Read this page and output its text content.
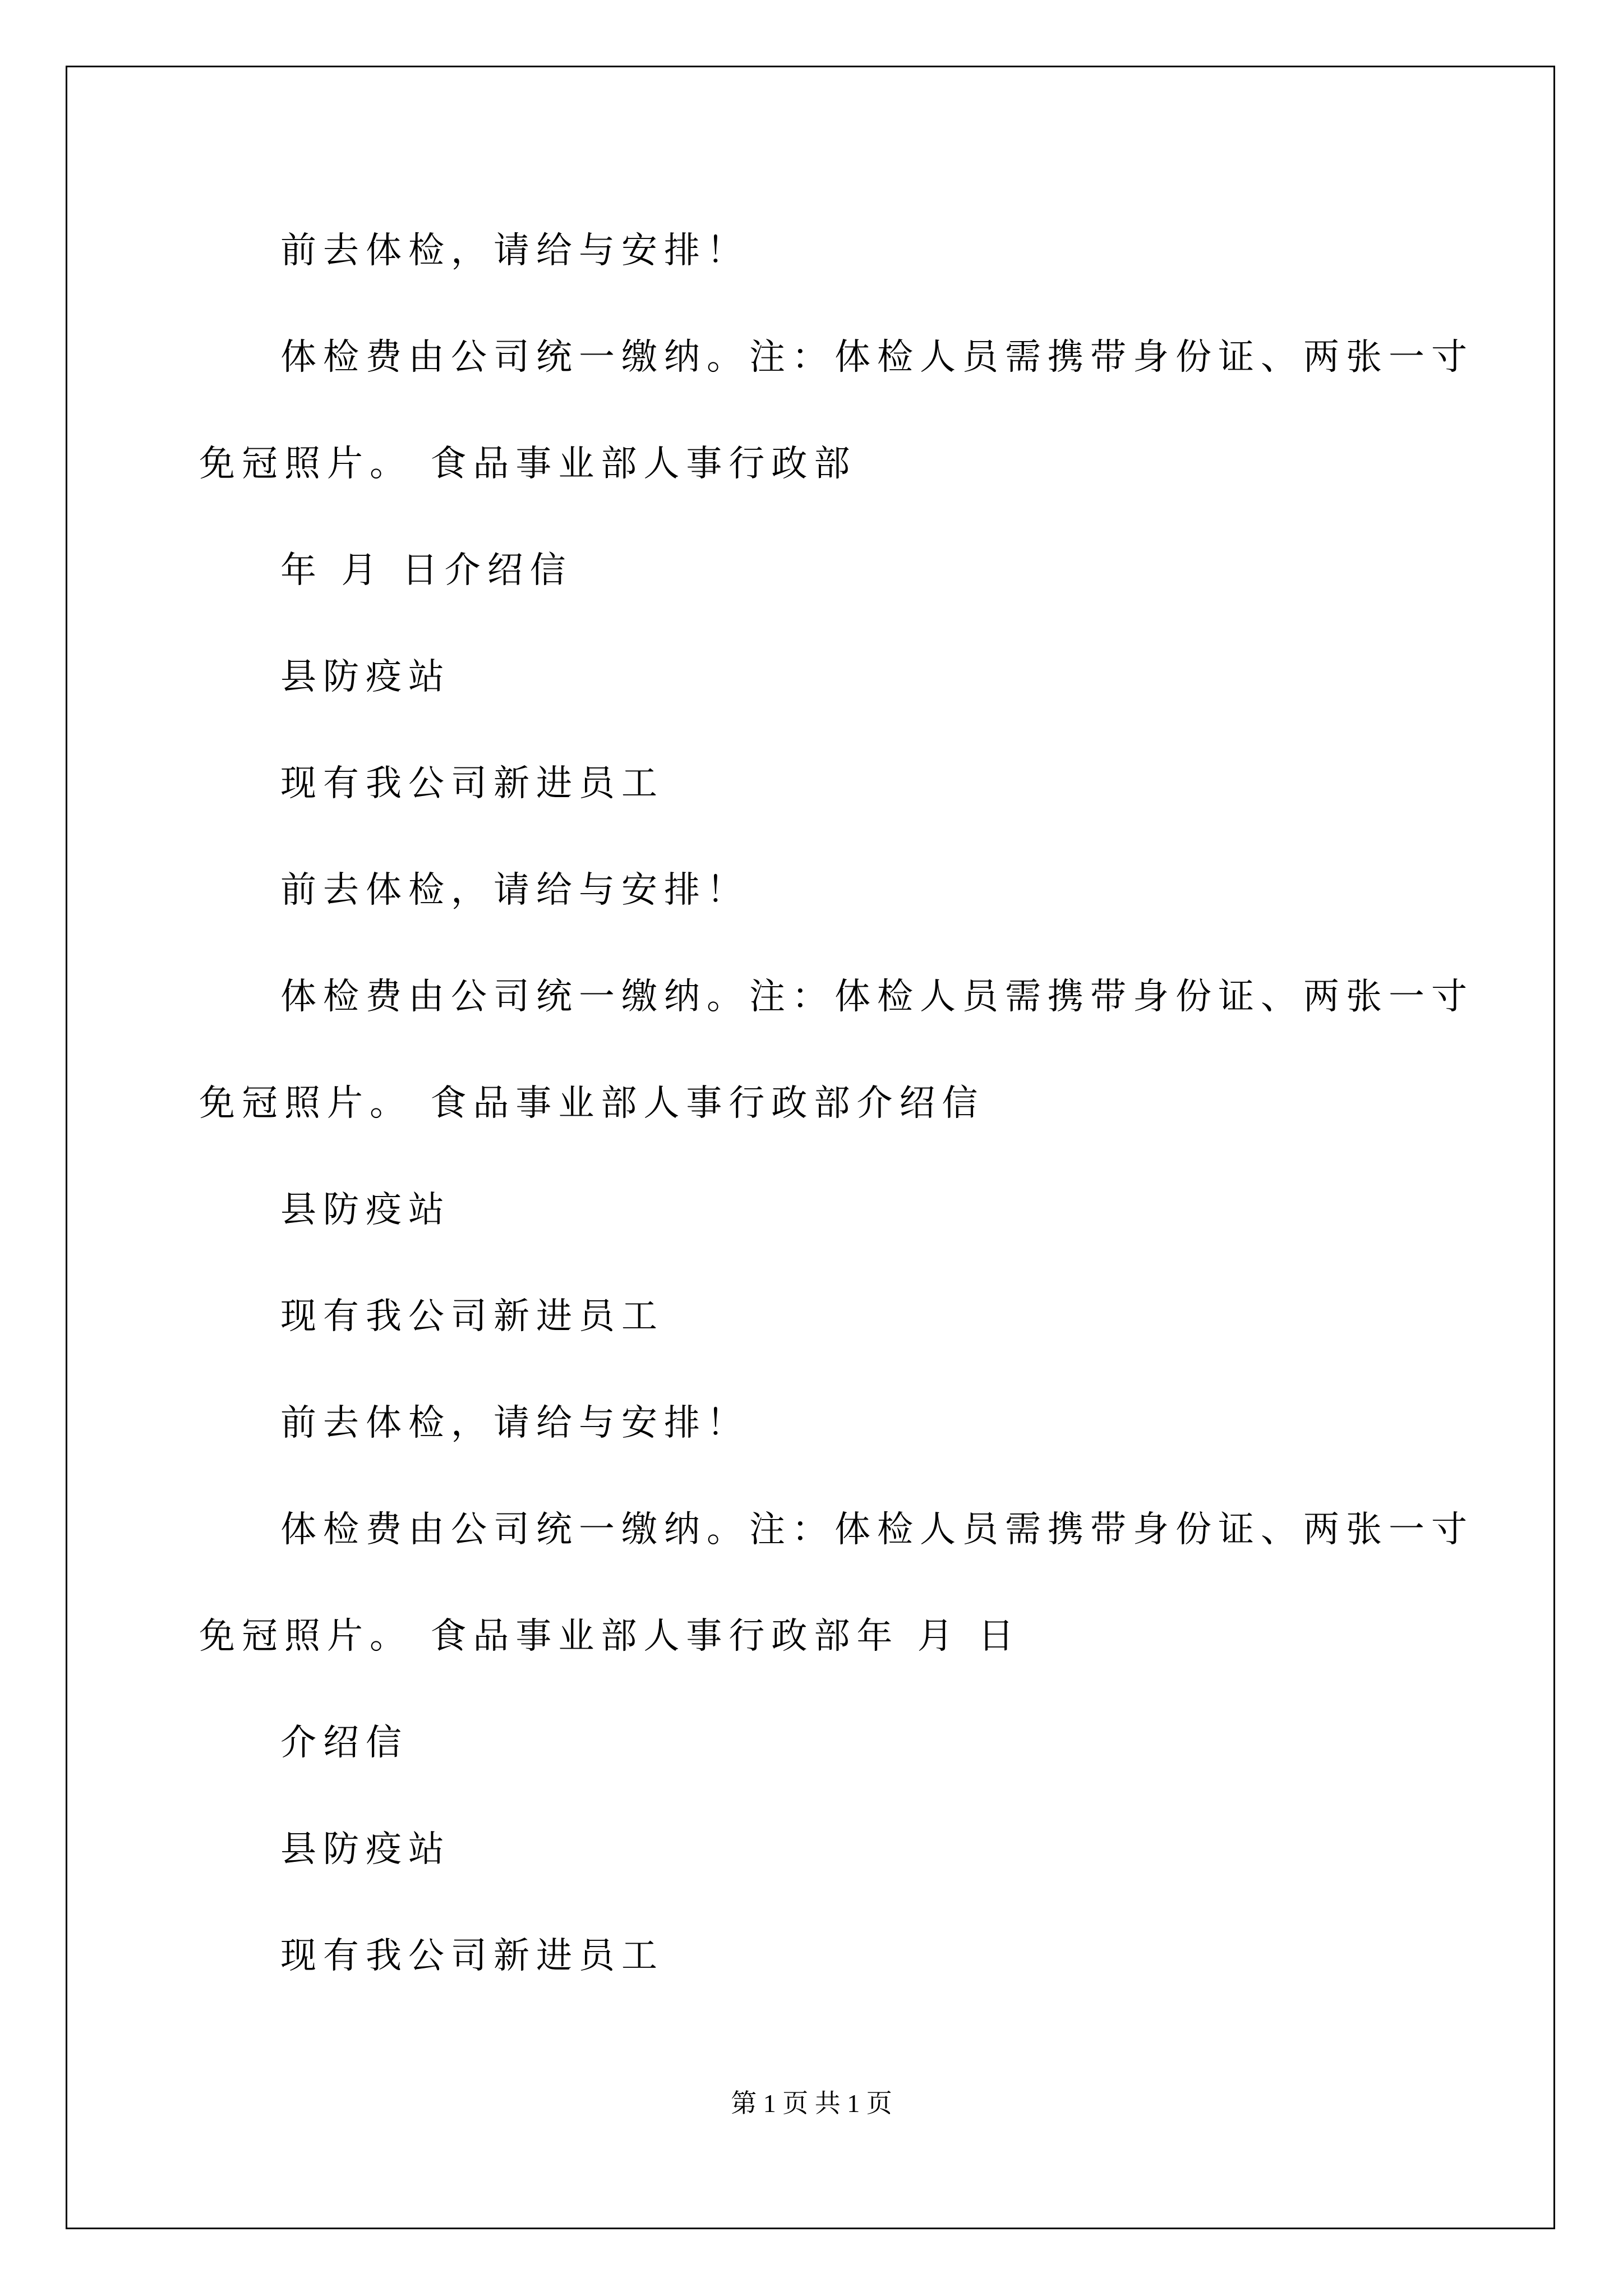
前去体检，请给与安排！
体检费由公司统一缴纳。注：体检人员需携带身份证、两张一寸
免冠照片。 食品事业部人事行政部
年 月 日介绍信
县防疫站
现有我公司新进员工
前去体检，请给与安排！
体检费由公司统一缴纳。注：体检人员需携带身份证、两张一寸
免冠照片。 食品事业部人事行政部介绍信
县防疫站
现有我公司新进员工
前去体检，请给与安排！
体检费由公司统一缴纳。注：体检人员需携带身份证、两张一寸
免冠照片。 食品事业部人事行政部年 月 日
介绍信
县防疫站
现有我公司新进员工
第 1 页 共 1 页
